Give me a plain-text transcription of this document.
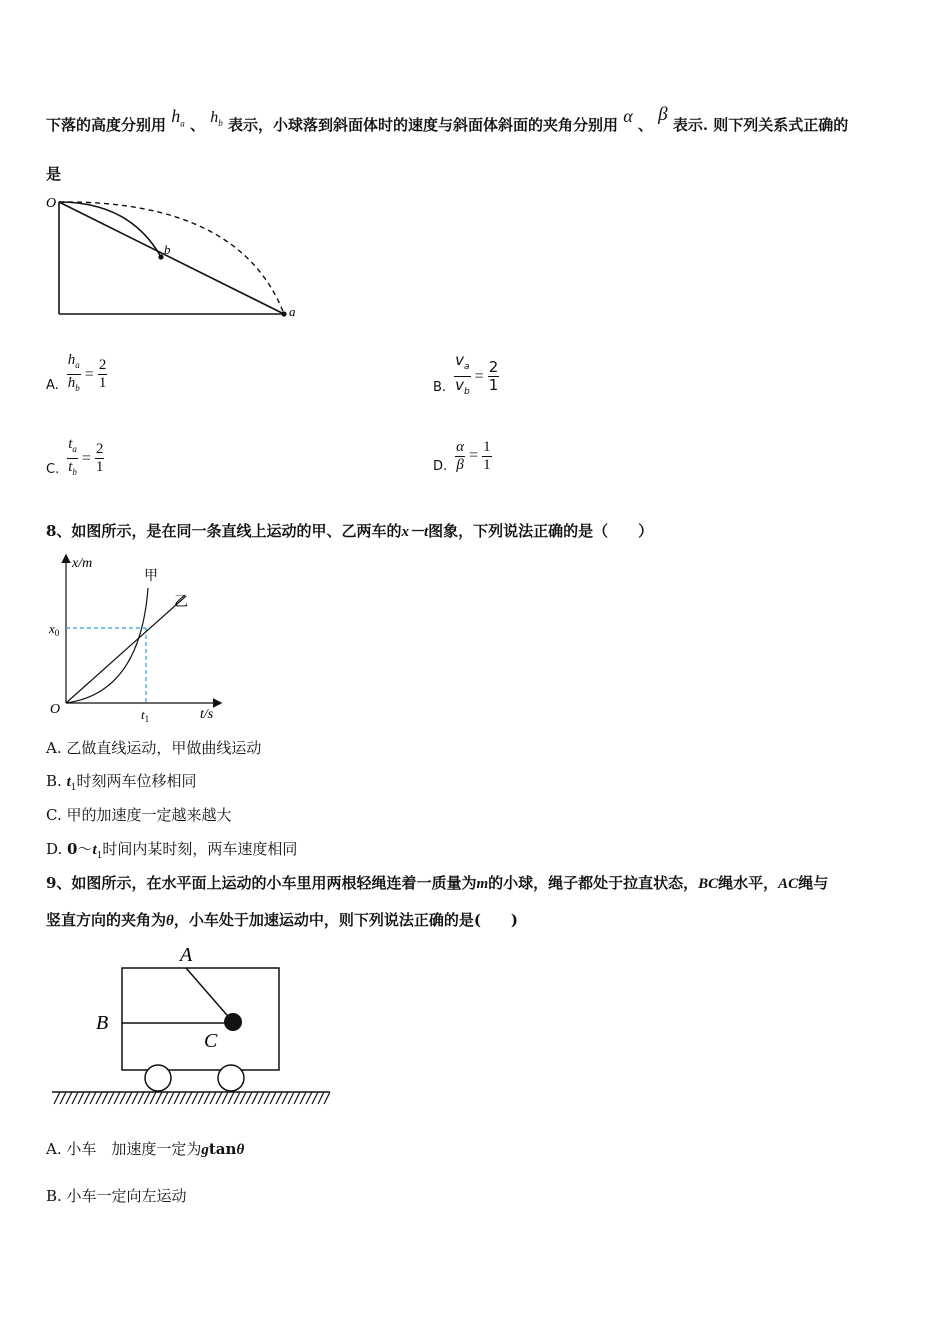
下落的高度分别用 $h_a$ 、 $h_b$ 表示，小球落到斜面体时的速度与斜面体斜面的夹角分别用 α 、 β 表示. 则下列关系式正确的
是
O
b
a
A. $\frac{h_a}{h_b} = \frac{2}{1}$	B. $\frac{v_a}{v_b} = \frac{2}{1}$
C. $\frac{t_a}{t_b} = \frac{2}{1}$	D. $\frac{\alpha}{\beta} = \frac{1}{1}$
8、如图所示，是在同一条直线上运动的甲、乙两车的x－t图象，下列说法正确的是（　　）
x/m
t/s
O
$x_0$
$t_1$
甲
乙
A. 乙做直线运动，甲做曲线运动
B. $t_1$时刻两车位移相同
C. 甲的加速度一定越来越大
D. $0\sim t_1$时间内某时刻，两车速度相同
9、如图所示，在水平面上运动的小车里用两根轻绳连着一质量为m的小球，绳子都处于拉直状态，BC绳水平，AC绳与
竖直方向的夹角为θ，小车处于加速运动中，则下列说法正确的是(　　)
A
B
C
A. 小车　加速度一定为gtanθ
B. 小车一定向左运动
